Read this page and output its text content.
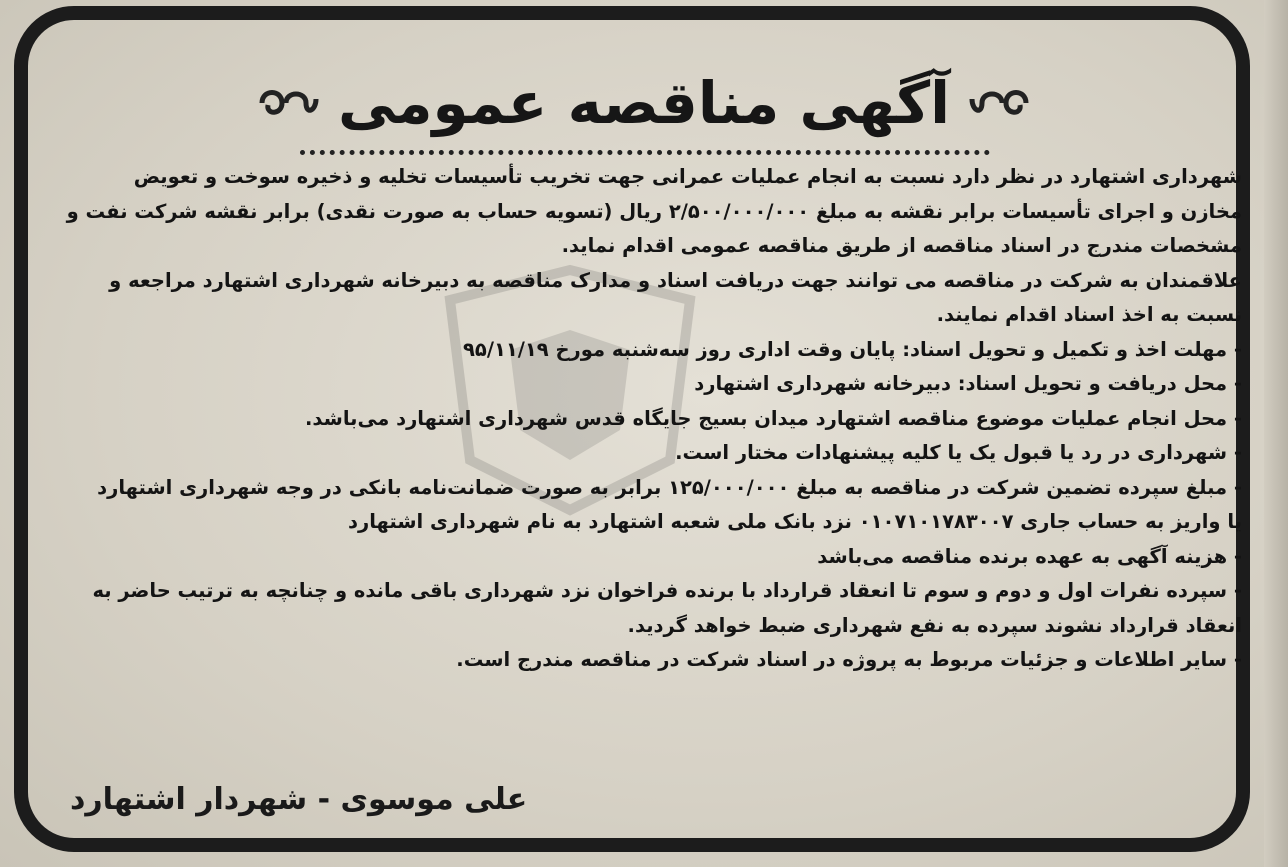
آگهی مناقصه عمومی
شهرداری اشتهارد در نظر دارد نسبت به انجام عملیات عمرانی جهت تخریب تأسیسات تخلیه و ذخیره سوخت و تعویض
مخازن و اجرای تأسیسات برابر نقشه به مبلغ ۲/۵۰۰/۰۰۰/۰۰۰ ریال (تسویه حساب به صورت نقدی) برابر نقشه شرکت نفت و
مشخصات مندرج در اسناد مناقصه از طریق مناقصه عمومی اقدام نماید.
علاقمندان به شرکت در مناقصه می توانند جهت دریافت اسناد و مدارک مناقصه به دبیرخانه شهرداری اشتهارد مراجعه و
نسبت به اخذ اسناد اقدام نمایند.
- مهلت اخذ و تکمیل و تحویل اسناد: پایان وقت اداری روز سه‌شنبه مورخ ۹۵/۱۱/۱۹
- محل دریافت و تحویل اسناد: دبیرخانه شهرداری اشتهارد
- محل انجام عملیات موضوع مناقصه اشتهارد میدان بسیج جایگاه قدس شهرداری اشتهارد می‌باشد.
- شهرداری در رد یا قبول یک یا کلیه پیشنهادات مختار است.
- مبلغ سپرده تضمین شرکت در مناقصه به مبلغ ۱۲۵/۰۰۰/۰۰۰ برابر به صورت ضمانت‌نامه بانکی در وجه شهرداری اشتهارد
یا واریز به حساب جاری ۰۱۰۷۱۰۱۷۸۳۰۰۷ نزد بانک ملی شعبه اشتهارد به نام شهرداری اشتهارد
- هزینه آگهی به عهده برنده مناقصه می‌باشد
- سپرده نفرات اول و دوم و سوم تا انعقاد قرارداد با برنده فراخوان نزد شهرداری باقی مانده و چنانچه به ترتیب حاضر به
انعقاد قرارداد نشوند سپرده به نفع شهرداری ضبط خواهد گردید.
- سایر اطلاعات و جزئیات مربوط به پروژه در اسناد شرکت در مناقصه مندرج است.
علی موسوی - شهردار اشتهارد
